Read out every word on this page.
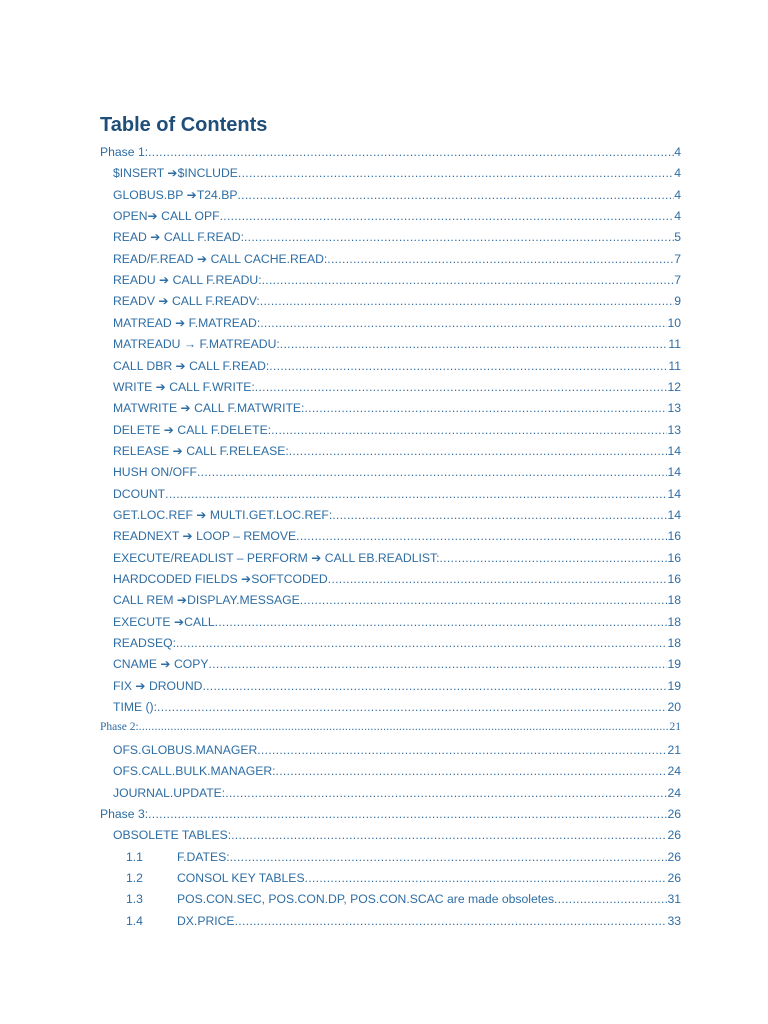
Table of Contents
Phase 1: .....	4
$INSERT ➔$INCLUDE .....	4
GLOBUS.BP ➔T24.BP .....	4
OPEN➔ CALL OPF .....	4
READ ➔ CALL F.READ: .....	5
READ/F.READ ➔ CALL CACHE.READ: .....	7
READU ➔ CALL F.READU: .....	7
READV ➔ CALL F.READV: .....	9
MATREAD ➔ F.MATREAD: .....	10
MATREADU → F.MATREADU: .....	11
CALL DBR ➔ CALL F.READ: .....	11
WRITE ➔ CALL F.WRITE: .....	12
MATWRITE ➔ CALL F.MATWRITE: .....	13
DELETE ➔ CALL F.DELETE: .....	13
RELEASE ➔ CALL F.RELEASE: .....	14
HUSH ON/OFF .....	14
DCOUNT .....	14
GET.LOC.REF ➔ MULTI.GET.LOC.REF: .....	14
READNEXT ➔ LOOP – REMOVE .....	16
EXECUTE/READLIST – PERFORM ➔ CALL EB.READLIST: .....	16
HARDCODED FIELDS ➔SOFTCODED .....	16
CALL REM ➔DISPLAY.MESSAGE .....	18
EXECUTE ➔CALL .....	18
READSEQ: .....	18
CNAME ➔ COPY .....	19
FIX ➔ DROUND .....	19
TIME (): .....	20
Phase 2: .....	21
OFS.GLOBUS.MANAGER .....	21
OFS.CALL.BULK.MANAGER: .....	24
JOURNAL.UPDATE: .....	24
Phase 3: .....	26
OBSOLETE TABLES: .....	26
1.1	F.DATES: .....	26
1.2	CONSOL KEY TABLES .....	26
1.3	POS.CON.SEC, POS.CON.DP, POS.CON.SCAC are made obsoletes .....	31
1.4	DX.PRICE .....	33
